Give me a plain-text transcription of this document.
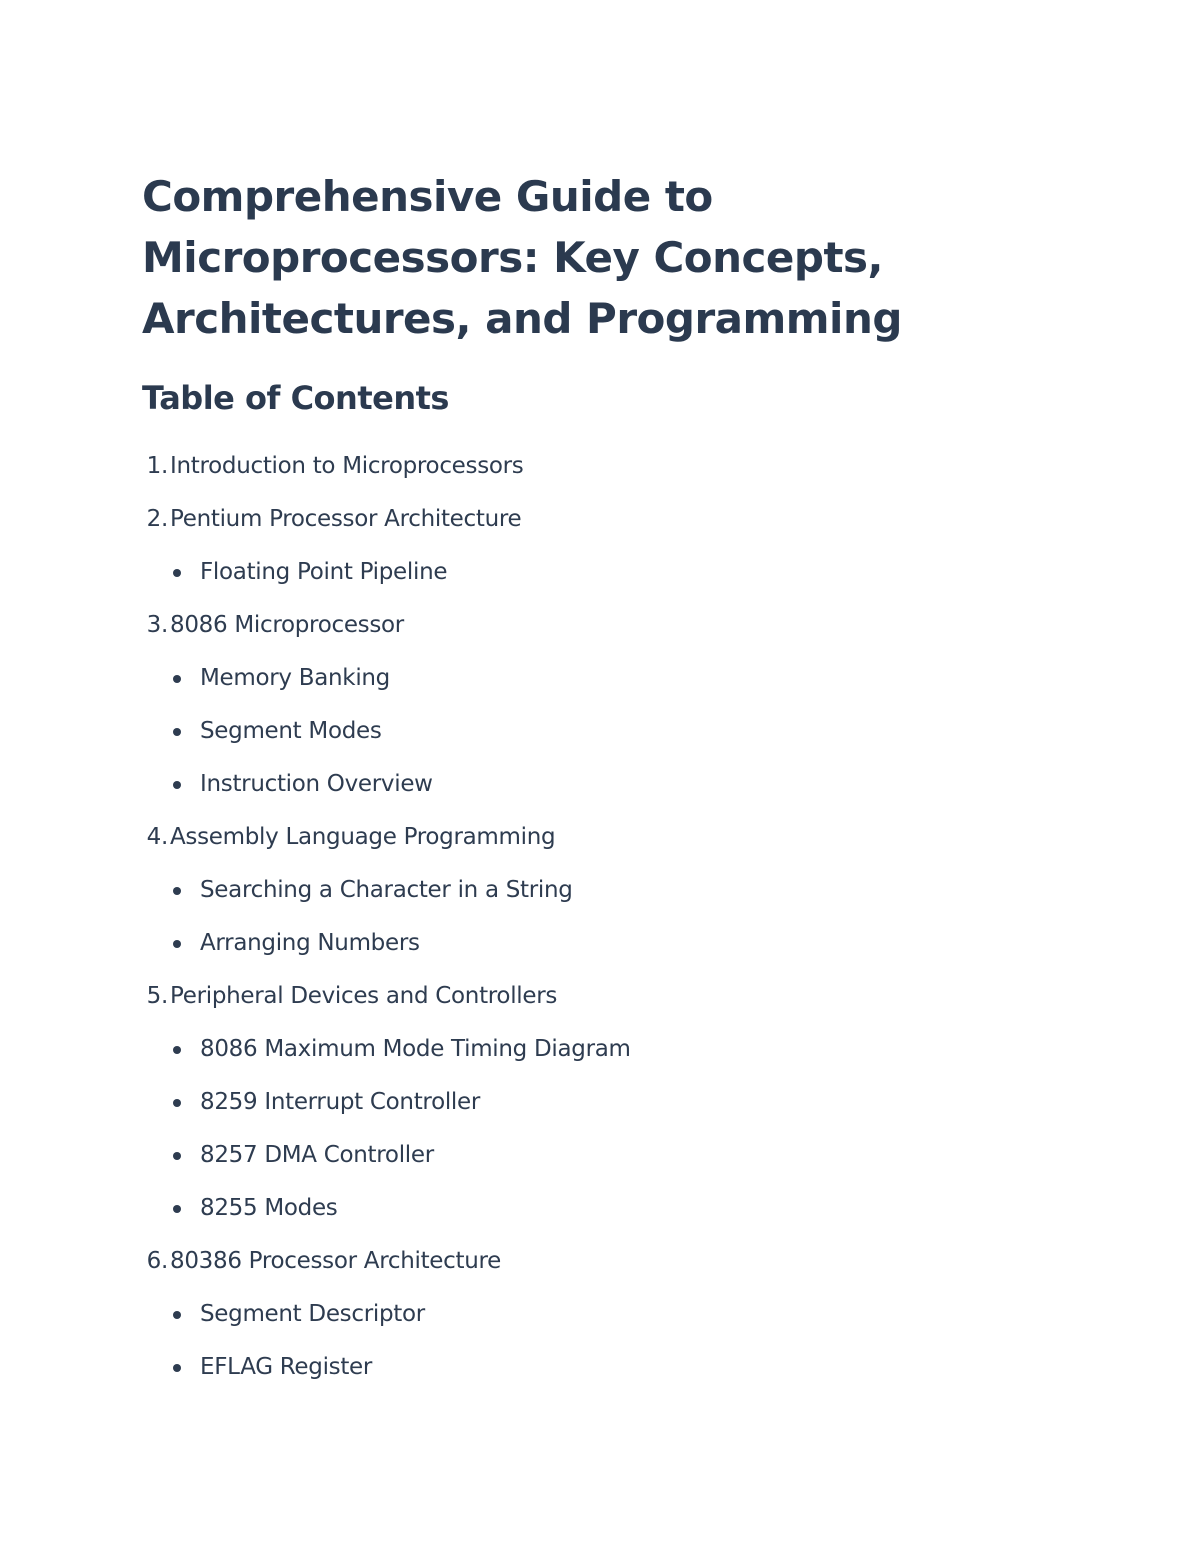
Comprehensive Guide to
Microprocessors: Key Concepts,
Architectures, and Programming
Table of Contents
1. Introduction to Microprocessors
2. Pentium Processor Architecture
Floating Point Pipeline
3. 8086 Microprocessor
Memory Banking
Segment Modes
Instruction Overview
4. Assembly Language Programming
Searching a Character in a String
Arranging Numbers
5. Peripheral Devices and Controllers
8086 Maximum Mode Timing Diagram
8259 Interrupt Controller
8257 DMA Controller
8255 Modes
6. 80386 Processor Architecture
Segment Descriptor
EFLAG Register
